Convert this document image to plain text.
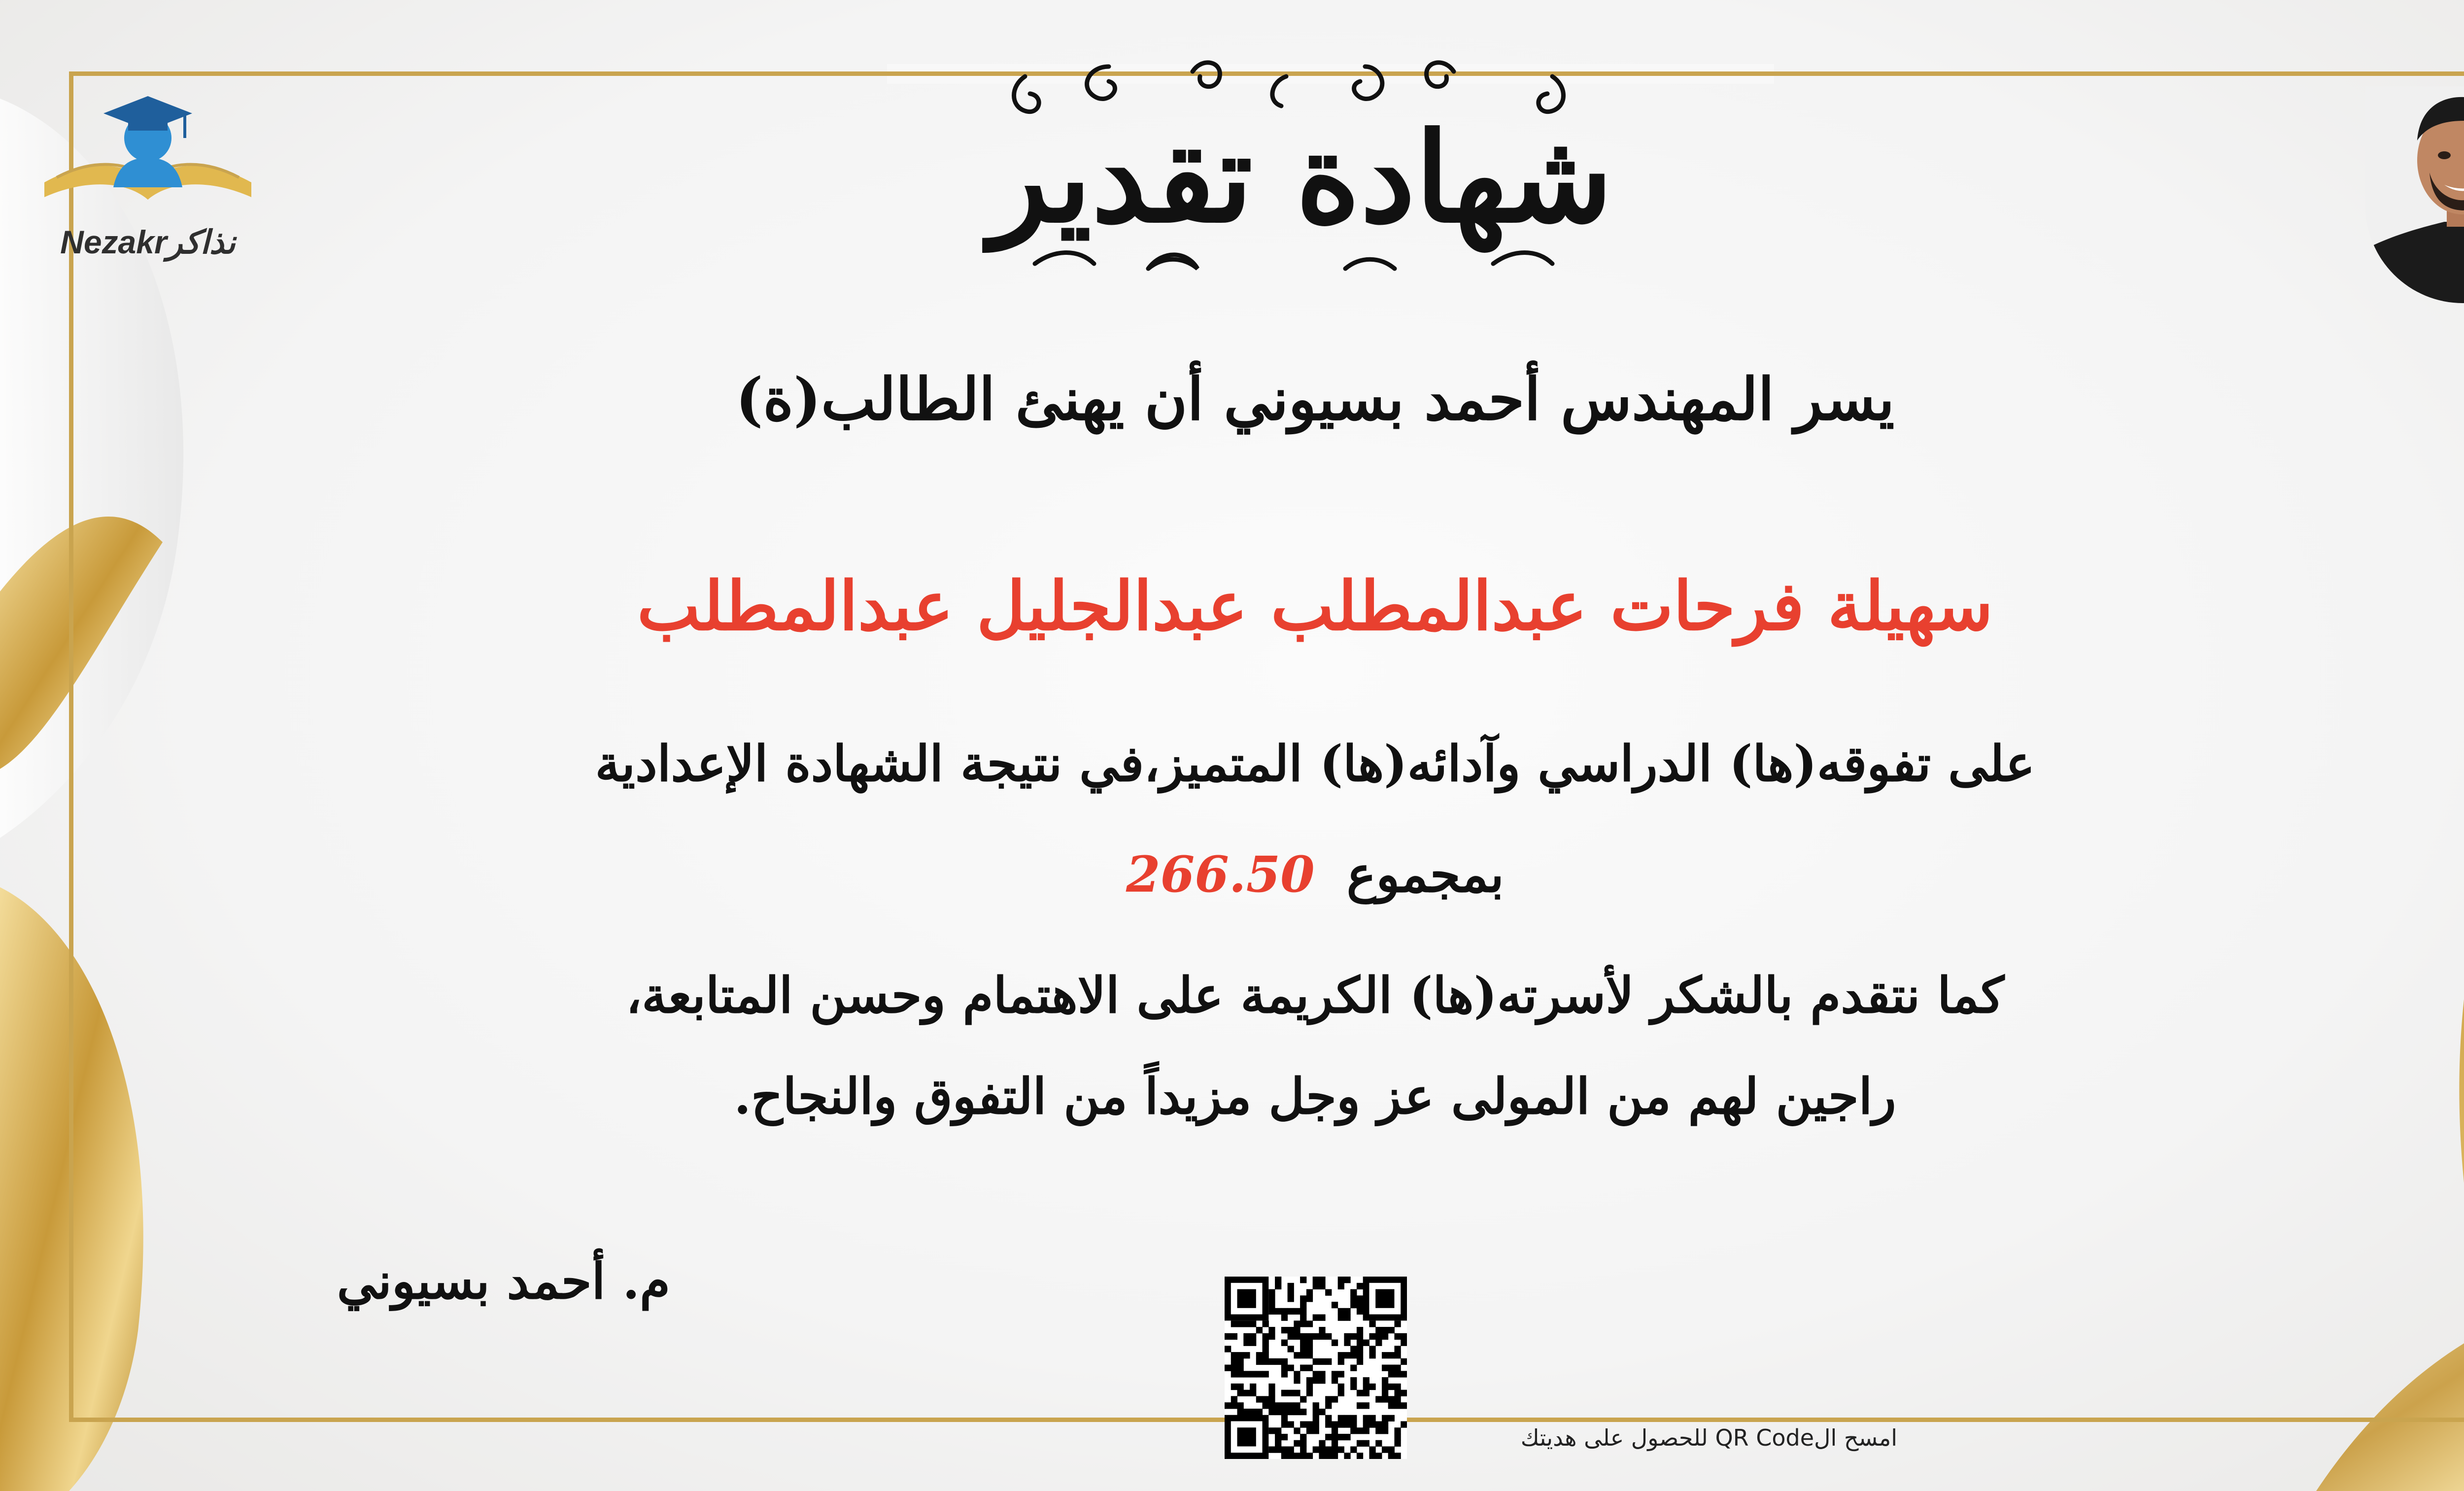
شهادة تقدير
يسر المهندس أحمد بسيوني أن يهنئ الطالب(ة)
سهيلة فرحات عبدالمطلب عبدالجليل عبدالمطلب
على تفوقه(ها) الدراسي وآدائه(ها) المتميز،في نتيجة الشهادة الإعدادية
بمجموع 266.50
كما نتقدم بالشكر لأسرته(ها) الكريمة على الاهتمام وحسن المتابعة،
راجين لهم من المولى عز وجل مزيداً من التفوق والنجاح.
م. أحمد بسيوني
Nezakrنذاكر
امسح الQR Code للحصول على هديتك
